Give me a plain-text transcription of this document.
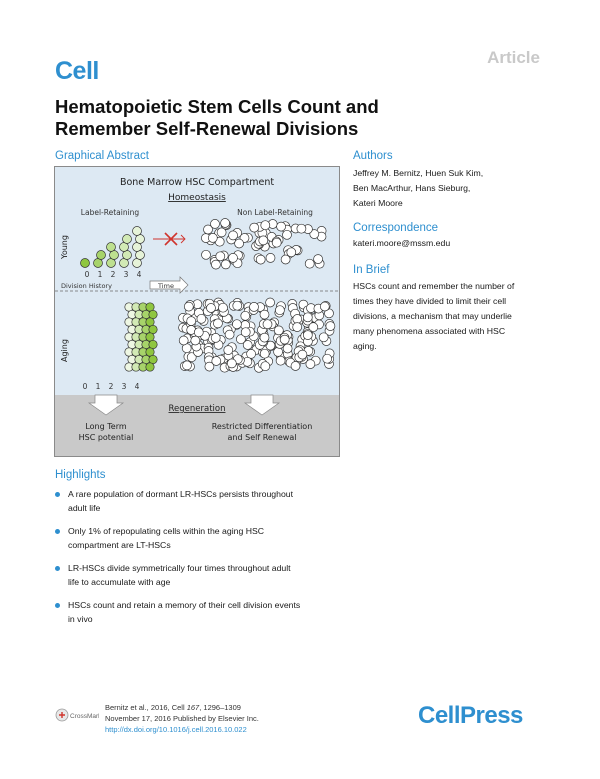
Cell	Article
Hematopoietic Stem Cells Count and Remember Self-Renewal Divisions
Graphical Abstract
Bone Marrow HSC Compartment
Homeostasis
Label-Retaining	Non Label-Retaining
Young
Aging
0 1 2 3 4
Division History	Time
0 1 2 3 4
Regeneration
Long Term
HSC potential
Restricted Differentiation
and Self Renewal
Authors
Jeffrey M. Bernitz, Huen Suk Kim,
Ben MacArthur, Hans Sieburg,
Kateri Moore
Correspondence
kateri.moore@mssm.edu
In Brief
HSCs count and remember the number of
times they have divided to limit their cell
divisions, a mechanism that may underlie
many phenomena associated with HSC
aging.
Highlights
A rare population of dormant LR-HSCs persists throughout
adult life
Only 1% of repopulating cells within the aging HSC
compartment are LT-HSCs
LR-HSCs divide symmetrically four times throughout adult
life to accumulate with age
HSCs count and retain a memory of their cell division events
in vivo
CrossMark
Bernitz et al., 2016, Cell 167, 1296–1309
November 17, 2016 Published by Elsevier Inc.
http://dx.doi.org/10.1016/j.cell.2016.10.022
CellPress
